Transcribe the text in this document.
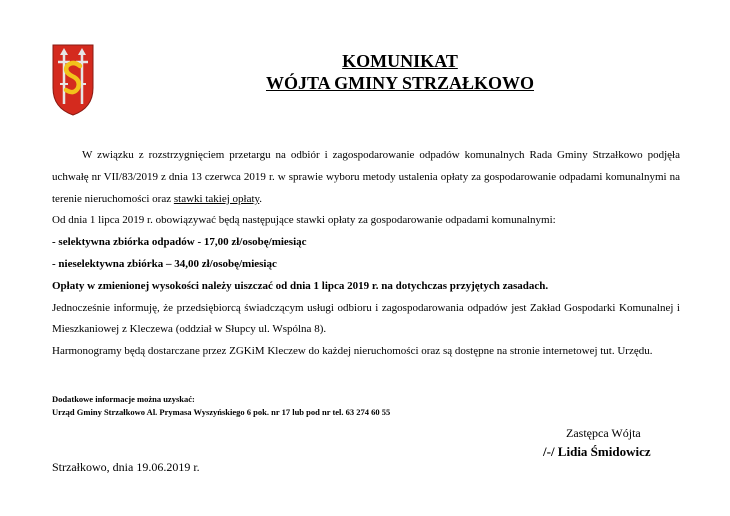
KOMUNIKAT
WÓJTA GMINY STRZAŁKOWO

W związku z rozstrzygnięciem przetargu na odbiór i zagospodarowanie odpadów komunalnych Rada Gminy Strzałkowo podjęła uchwałę nr VII/83/2019 z dnia 13 czerwca 2019 r. w sprawie wyboru metody ustalenia opłaty za gospodarowanie odpadami komunalnymi na terenie nieruchomości oraz stawki takiej opłaty.

Od dnia 1 lipca 2019 r. obowiązywać będą następujące stawki opłaty za gospodarowanie odpadami komunalnymi:

- selektywna zbiórka odpadów - 17,00 zł/osobę/miesiąc

- nieselektywna zbiórka – 34,00 zł/osobę/miesiąc

Opłaty w zmienionej wysokości należy uiszczać od dnia 1 lipca 2019 r. na dotychczas przyjętych zasadach.

Jednocześnie informuję, że przedsiębiorcą świadczącym usługi odbioru i zagospodarowania odpadów jest Zakład Gospodarki Komunalnej i Mieszkaniowej z Kleczewa (oddział w Słupcy ul. Wspólna 8).

Harmonogramy będą dostarczane przez ZGKiM Kleczew do każdej nieruchomości oraz są dostępne na stronie internetowej tut. Urzędu.

Dodatkowe informacje można uzyskać:
Urząd Gminy Strzałkowo Al. Prymasa Wyszyńskiego 6 pok. nr 17 lub pod nr tel. 63 274 60 55
Zastępca Wójta
/-/ Lidia Śmidowicz
Strzałkowo, dnia 19.06.2019 r.
